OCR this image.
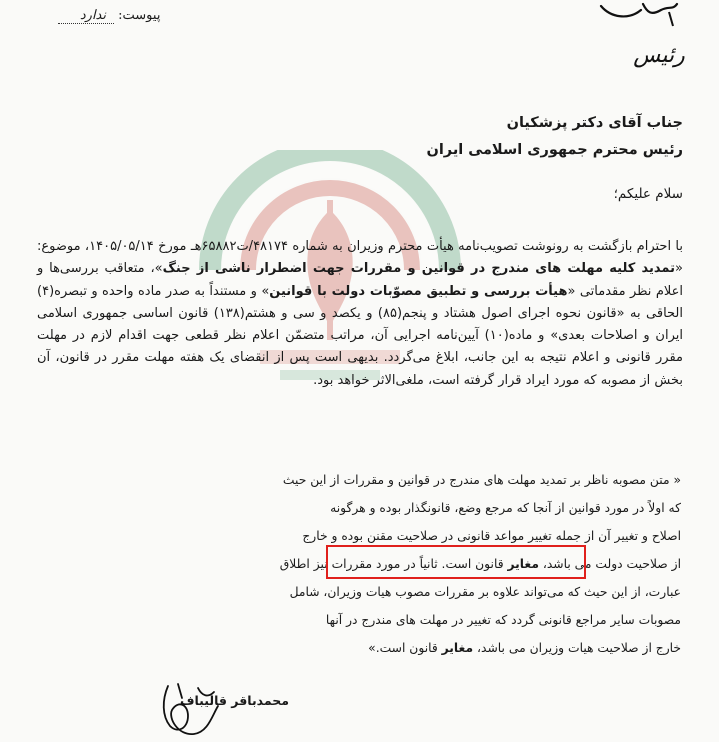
پیوست: ندارد
رئیس
جناب آقای دکتر پزشکیان
رئیس محترم جمهوری اسلامی ایران
سلام علیکم؛
با احترام بازگشت به رونوشت تصویب‌نامه هیأت محترم وزیران به شماره ۴۸۱۷۴/ت۶۵۸۸۲هـ مورخ ۱۴۰۵/۰۵/۱۴، موضوع: «تمدید کلیه مهلت های مندرج در قوانین و مقررات جهت اضطرار ناشی از جنگ»، متعاقب بررسی‌ها و اعلام نظر مقدماتی «هیأت بررسی و تطبیق مصوّبات دولت با قوانین» و مستنداً به صدر ماده واحده و تبصره(۴) الحاقی به «قانون نحوه اجرای اصول هشتاد و پنجم(۸۵) و یکصد و سی و هشتم(۱۳۸) قانون اساسی جمهوری اسلامی ایران و اصلاحات بعدی» و ماده(۱۰) آیین‌نامه اجرایی آن، مراتب متضمّن اعلام نظر قطعی جهت اقدام لازم در مهلت مقرر قانونی و اعلام نتیجه به این جانب، ابلاغ می‌گردد. بدیهی است پس از انقضای یک هفته مهلت مقرر در قانون، آن بخش از مصوبه که مورد ایراد قرار گرفته است، ملغی‌الاثر خواهد بود.
« متن مصوبه ناظر بر تمدید مهلت های مندرج در قوانین و مقررات از این حیث
که اولاً در مورد قوانین از آنجا که مرجع وضع، قانونگذار بوده و هرگونه
اصلاح و تغییر آن از جمله تغییر مواعد قانونی در صلاحیت مقنن بوده و خارج
از صلاحیت دولت می باشد، مغایر قانون است. ثانیاً در مورد مقررات نیز اطلاق
عبارت، از این حیث که می‌تواند علاوه بر مقررات مصوب هیات وزیران، شامل
مصوبات سایر مراجع قانونی گردد که تغییر در مهلت های مندرج در آنها
خارج از صلاحیت هیات وزیران می باشد، مغایر قانون است.»
محمدباقر قالیباف
